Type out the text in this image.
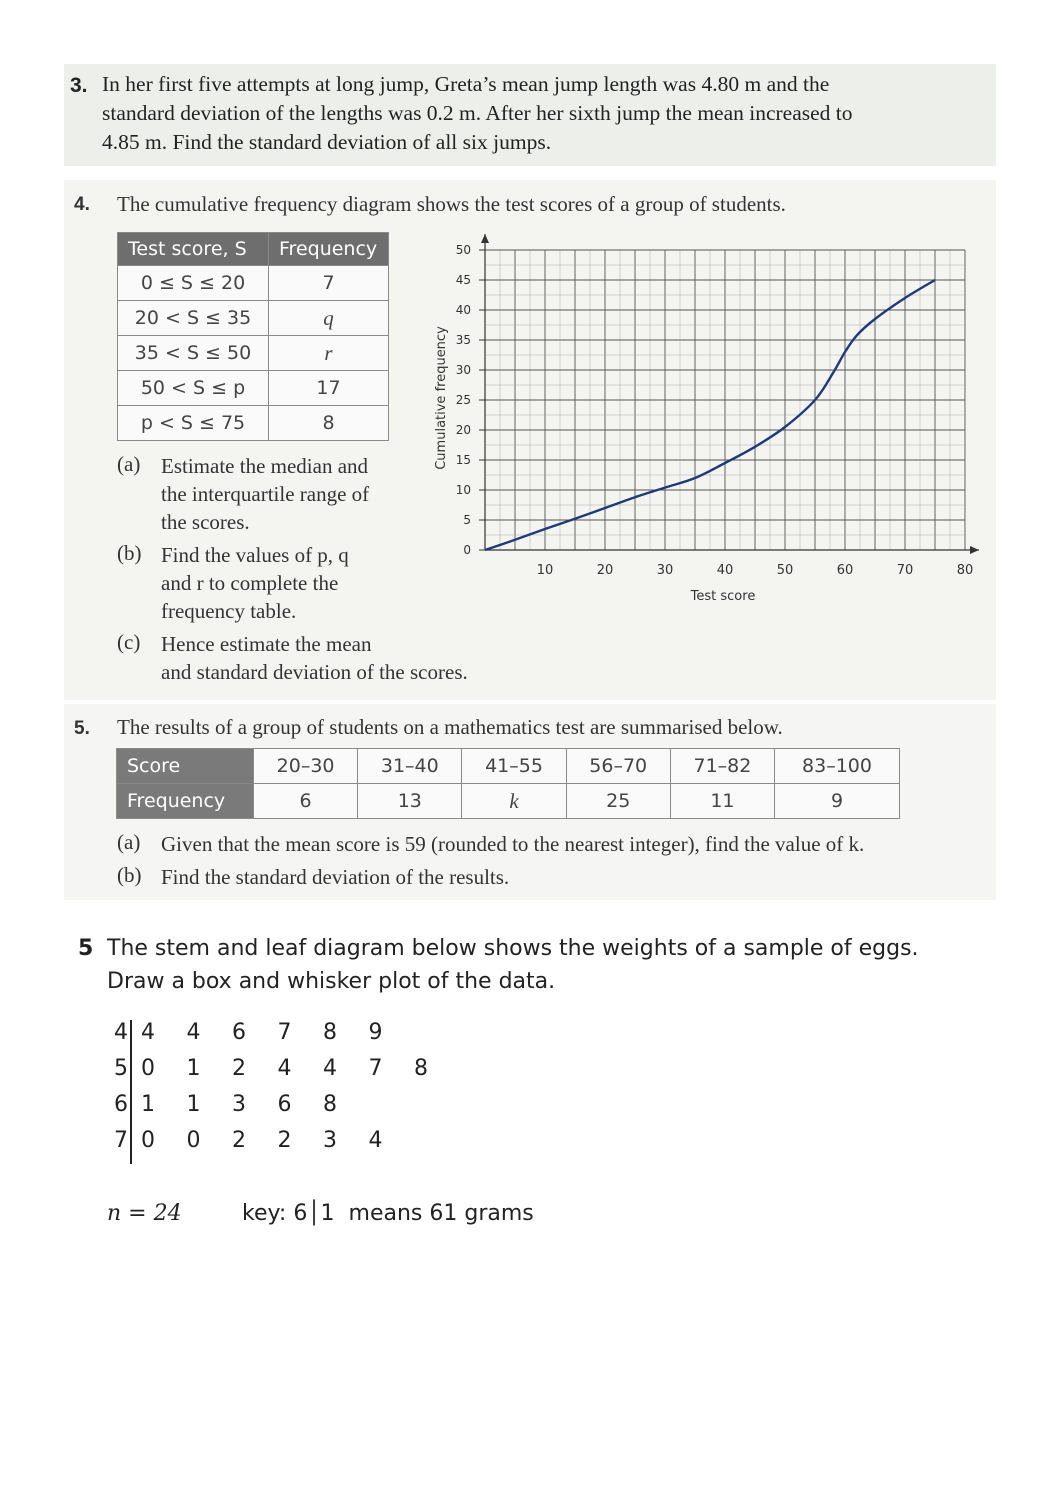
3. In her first five attempts at long jump, Greta’s mean jump length was 4.80 m and the
standard deviation of the lengths was 0.2 m. After her sixth jump the mean increased to
4.85 m. Find the standard deviation of all six jumps.
4. The cumulative frequency diagram shows the test scores of a group of students.
Test score, S	Frequency
0 ≤ S ≤ 20	7
20 < S ≤ 35	q
35 < S ≤ 50	r
50 < S ≤ p	17
p < S ≤ 75	8
(a) Estimate the median and
the interquartile range of
the scores.
(b) Find the values of p, q
and r to complete the
frequency table.
(c) Hence estimate the mean
and standard deviation of the scores.
10	20	30	40	50	60	70	80
0
5
10
15
20
25
30
35
40
45
50
Test score
Cumulative frequency
5. The results of a group of students on a mathematics test are summarised below.
Score	20–30	31–40	41–55	56–70	71–82	83–100
Frequency	6	13	k	25	11	9
(a) Given that the mean score is 59 (rounded to the nearest integer), find the value of k.
(b) Find the standard deviation of the results.
5 The stem and leaf diagram below shows the weights of a sample of eggs.
Draw a box and whisker plot of the data.
4 4 4 6 7 8 9
5 0 1 2 4 4 7 8
6 1 1 3 6 8
7 0 0 2 2 3 4
n = 24	key: 6│1  means 61 grams
